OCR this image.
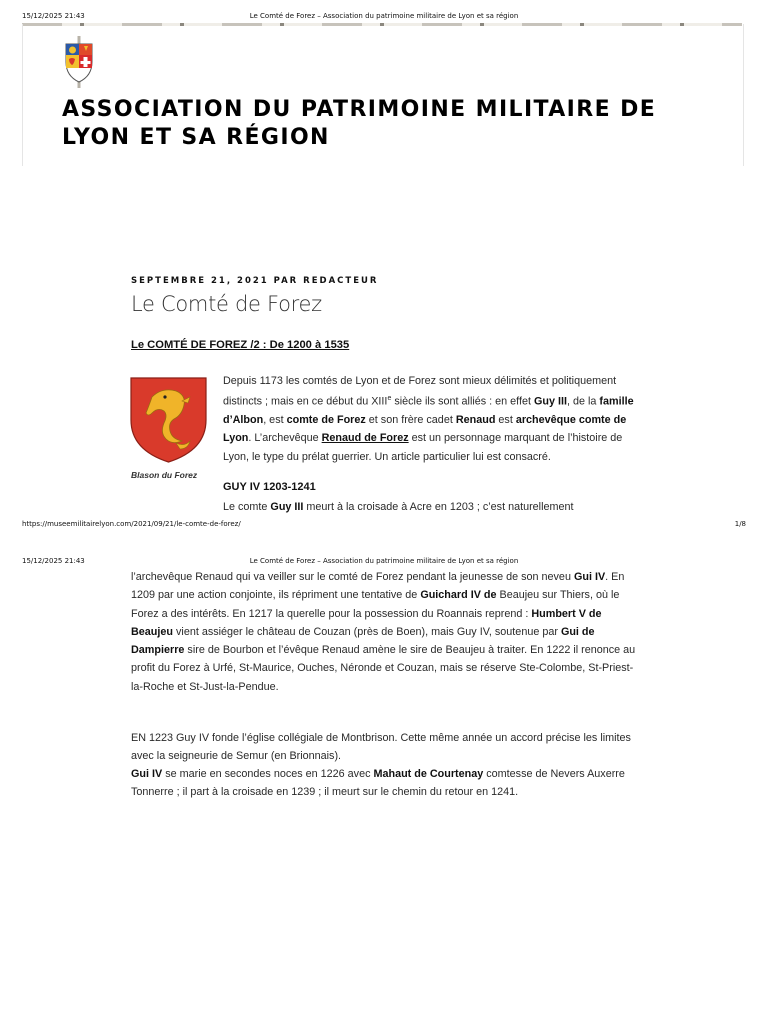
15/12/2025 21:43	Le Comté de Forez – Association du patrimoine militaire de Lyon et sa région
ASSOCIATION DU PATRIMOINE MILITAIRE DE LYON ET SA RÉGION
SEPTEMBRE 21, 2021 PAR REDACTEUR
Le Comté de Forez
Le COMTÉ DE FOREZ /2 : De 1200 à 1535
Blason du Forez

Depuis 1173 les comtés de Lyon et de Forez sont mieux délimités et politiquement distincts ; mais en ce début du XIIIe siècle ils sont alliés : en effet Guy III, de la famille d’Albon, est comte de Forez et son frère cadet Renaud est archevêque comte de Lyon. L’archevêque Renaud de Forez est un personnage marquant de l’histoire de Lyon, le type du prélat guerrier. Un article particulier lui est consacré.

GUY IV 1203-1241

Le comte Guy III meurt à la croisade à Acre en 1203 ; c’est naturellement

https://museemilitairelyon.com/2021/09/21/le-comte-de-forez/	1/8
15/12/2025 21:43	Le Comté de Forez – Association du patrimoine militaire de Lyon et sa région

l’archevêque Renaud qui va veiller sur le comté de Forez pendant la jeunesse de son neveu Gui IV. En 1209 par une action conjointe, ils répriment une tentative de Guichard IV de Beaujeu sur Thiers, où le Forez a des intérêts. En 1217 la querelle pour la possession du Roannais reprend : Humbert V de Beaujeu vient assiéger le château de Couzan (près de Boen), mais Guy IV, soutenue par Gui de Dampierre sire de Bourbon et l’évêque Renaud amène le sire de Beaujeu à traiter. En 1222 il renonce au profit du Forez à Urfé, St-Maurice, Ouches, Néronde et Couzan, mais se réserve Ste-Colombe, St-Priest-la-Roche et St-Just-la-Pendue.

EN 1223 Guy IV fonde l’église collégiale de Montbrison. Cette même année un accord précise les limites avec la seigneurie de Semur (en Brionnais).

Gui IV se marie en secondes noces en 1226 avec Mahaut de Courtenay comtesse de Nevers Auxerre Tonnerre ; il part à la croisade en 1239 ; il meurt sur le chemin du retour en 1241.
